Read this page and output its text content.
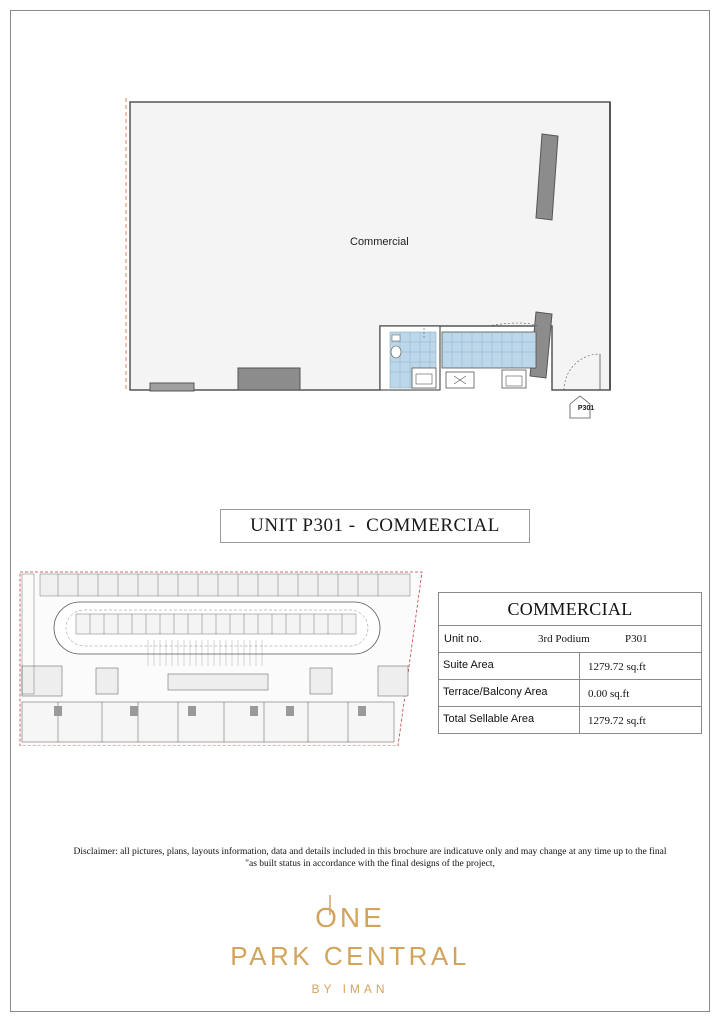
Commercial
P301
UNIT P301 -  COMMERCIAL
COMMERCIAL
Unit no.	3rd Podium	P301
Suite Area	1279.72 sq.ft
Terrace/Balcony Area	0.00 sq.ft
Total Sellable Area	1279.72 sq.ft
Disclaimer: all pictures, plans, layouts information, data and details included in this brochure are indicatuve only and may change at any time up to the final
"as built status in accordance with the final designs of the project,
ONE
PARK CENTRAL
BY IMAN
